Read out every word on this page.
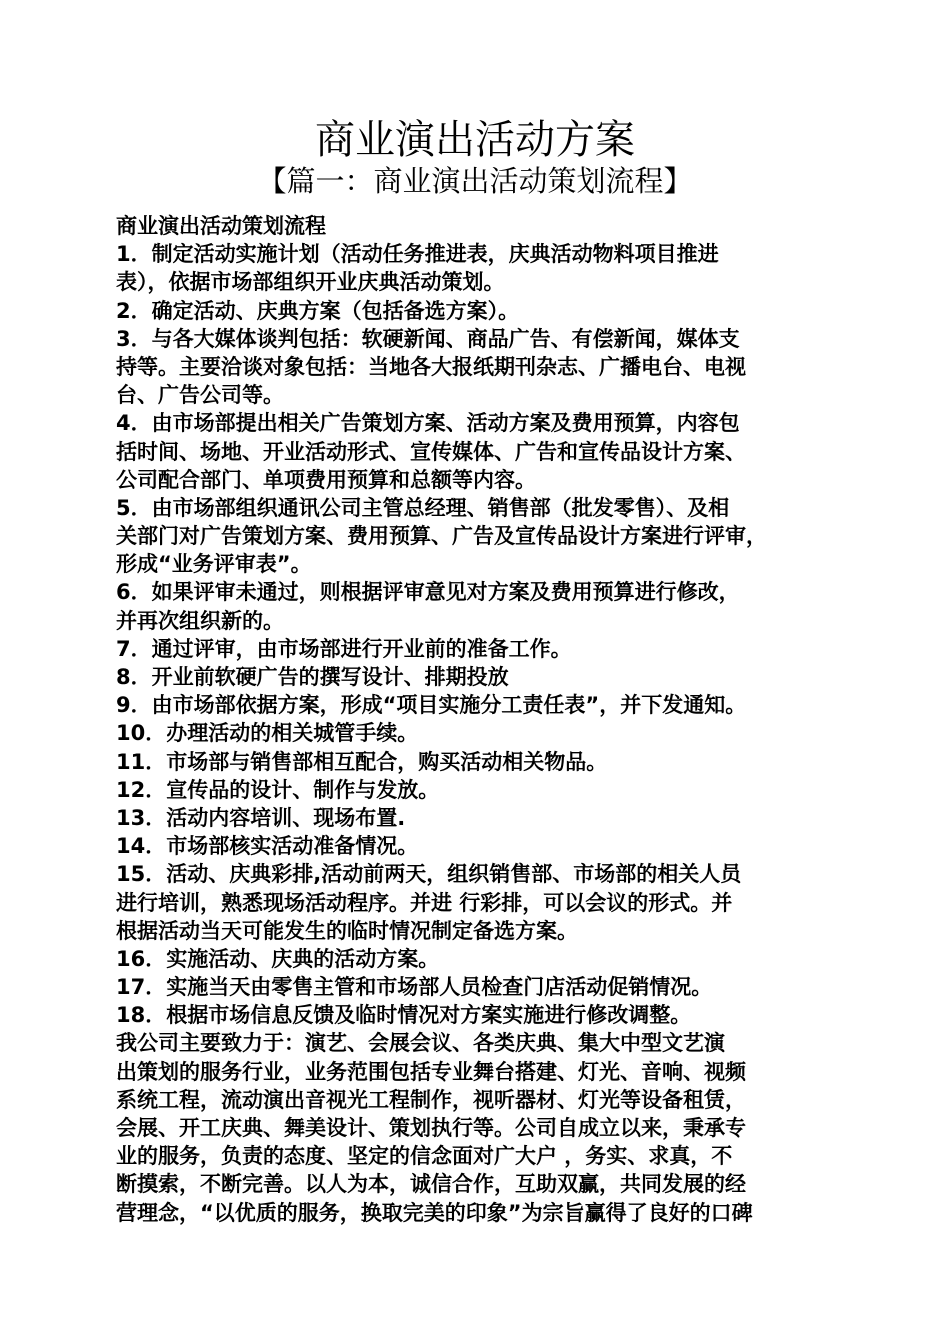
商业演出活动方案
【篇一：商业演出活动策划流程】
商业演出活动策划流程
1．制定活动实施计划（活动任务推进表，庆典活动物料项目推进
表），依据市场部组织开业庆典活动策划。
2．确定活动、庆典方案（包括备选方案）。
3．与各大媒体谈判包括：软硬新闻、商品广告、有偿新闻，媒体支
持等。主要洽谈对象包括：当地各大报纸期刊杂志、广播电台、电视
台、广告公司等。
4．由市场部提出相关广告策划方案、活动方案及费用预算，内容包
括时间、场地、开业活动形式、宣传媒体、广告和宣传品设计方案、
公司配合部门、单项费用预算和总额等内容。
5．由市场部组织通讯公司主管总经理、销售部（批发零售）、及相
关部门对广告策划方案、费用预算、广告及宣传品设计方案进行评审，
形成“业务评审表”。
6．如果评审未通过，则根据评审意见对方案及费用预算进行修改，
并再次组织新的。
7．通过评审，由市场部进行开业前的准备工作。
8．开业前软硬广告的撰写设计、排期投放
9．由市场部依据方案，形成“项目实施分工责任表”，并下发通知。
10．办理活动的相关城管手续。
11．市场部与销售部相互配合，购买活动相关物品。
12．宣传品的设计、制作与发放。
13．活动内容培训、现场布置.
14．市场部核实活动准备情况。
15．活动、庆典彩排,活动前两天，组织销售部、市场部的相关人员
进行培训，熟悉现场活动程序。并进 行彩排，可以会议的形式。并
根据活动当天可能发生的临时情况制定备选方案。
16．实施活动、庆典的活动方案。
17．实施当天由零售主管和市场部人员检查门店活动促销情况。
18．根据市场信息反馈及临时情况对方案实施进行修改调整。
我公司主要致力于：演艺、会展会议、各类庆典、集大中型文艺演
出策划的服务行业，业务范围包括专业舞台搭建、灯光、音响、视频
系统工程，流动演出音视光工程制作，视听器材、灯光等设备租赁，
会展、开工庆典、舞美设计、策划执行等。公司自成立以来，秉承专
业的服务，负责的态度、坚定的信念面对广大户 ，务实、求真，不
断摸索，不断完善。以人为本，诚信合作，互助双赢，共同发展的经
营理念，“以优质的服务，换取完美的印象”为宗旨赢得了良好的口碑
